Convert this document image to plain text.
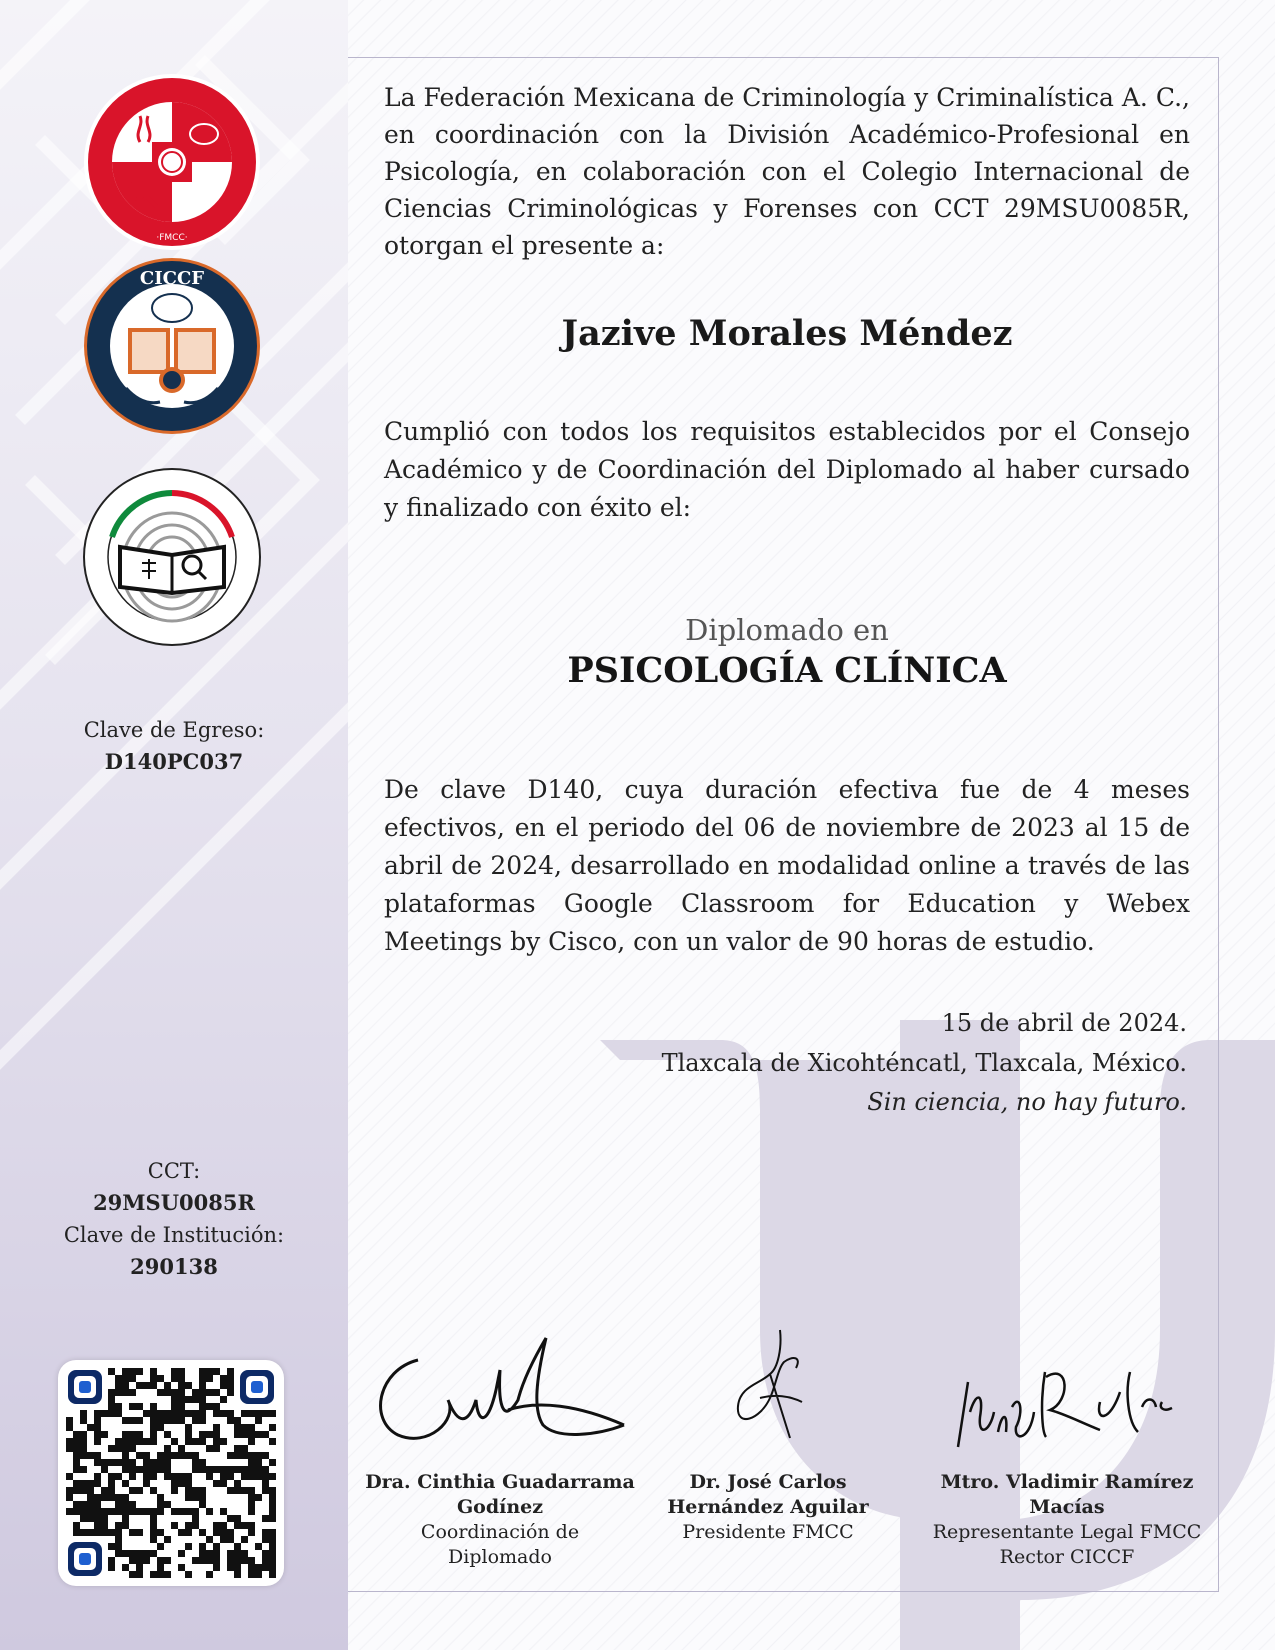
·FMCC·
CICCF
Clave de Egreso:
D140PC037
CCT:
29MSU0085R
Clave de Institución:
290138

La Federación Mexicana de Criminología y Criminalística A. C., en coordinación con la División Académico-Profesional en Psicología, en colaboración con el Colegio Internacional de Ciencias Criminológicas y Forenses con CCT 29MSU0085R, otorgan el presente a:

Jazive Morales Méndez

Cumplió con todos los requisitos establecidos por el Consejo Académico y de Coordinación del Diplomado al haber cursado y finalizado con éxito el:

Diplomado en
PSICOLOGÍA CLÍNICA

De clave D140, cuya duración efectiva fue de 4 meses efectivos, en el periodo del 06 de noviembre de 2023 al 15 de abril de 2024, desarrollado en modalidad online a través de las plataformas Google Classroom for Education y Webex Meetings by Cisco, con un valor de 90 horas de estudio.

15 de abril de 2024.
Tlaxcala de Xicohténcatl, Tlaxcala, México.
Sin ciencia, no hay futuro.
Dra. Cinthia Guadarrama
Godínez
Coordinación de
Diplomado
Dr. José Carlos
Hernández Aguilar
Presidente FMCC
Mtro. Vladimir Ramírez
Macías
Representante Legal FMCC
Rector CICCF
